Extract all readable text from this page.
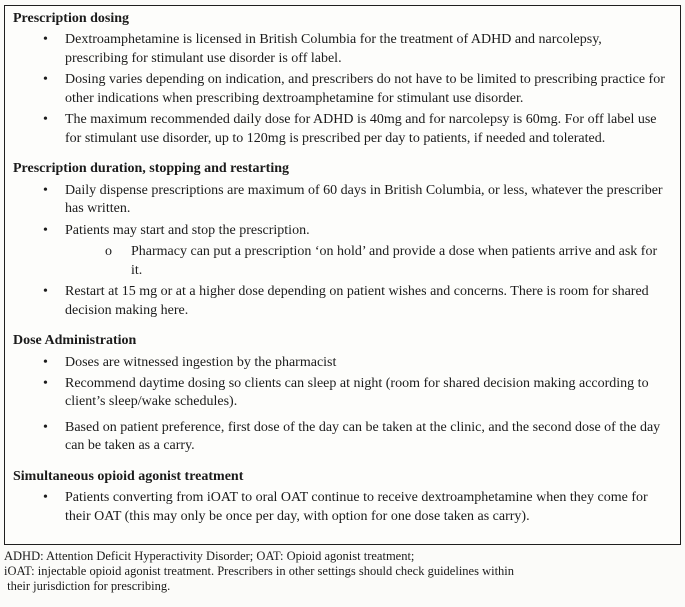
Prescription dosing
•	Dextroamphetamine is licensed in British Columbia for the treatment of ADHD and narcolepsy, prescribing for stimulant use disorder is off label.
•	Dosing varies depending on indication, and prescribers do not have to be limited to prescribing practice for other indications when prescribing dextroamphetamine for stimulant use disorder.
•	The maximum recommended daily dose for ADHD is 40mg and for narcolepsy is 60mg. For off label use for stimulant use disorder, up to 120mg is prescribed per day to patients, if needed and tolerated.
Prescription duration, stopping and restarting
•	Daily dispense prescriptions are maximum of 60 days in British Columbia, or less, whatever the prescriber has written.
•	Patients may start and stop the prescription.
o	Pharmacy can put a prescription ‘on hold’ and provide a dose when patients arrive and ask for it.
•	Restart at 15 mg or at a higher dose depending on patient wishes and concerns. There is room for shared decision making here.
Dose Administration
•	Doses are witnessed ingestion by the pharmacist
•	Recommend daytime dosing so clients can sleep at night (room for shared decision making according to client’s sleep/wake schedules).
•	Based on patient preference, first dose of the day can be taken at the clinic, and the second dose of the day can be taken as a carry.
Simultaneous opioid agonist treatment
•	Patients converting from iOAT to oral OAT continue to receive dextroamphetamine when they come for their OAT (this may only be once per day, with option for one dose taken as carry).
ADHD: Attention Deficit Hyperactivity Disorder; OAT: Opioid agonist treatment;
iOAT: injectable opioid agonist treatment. Prescribers in other settings should check guidelines within
their jurisdiction for prescribing.
